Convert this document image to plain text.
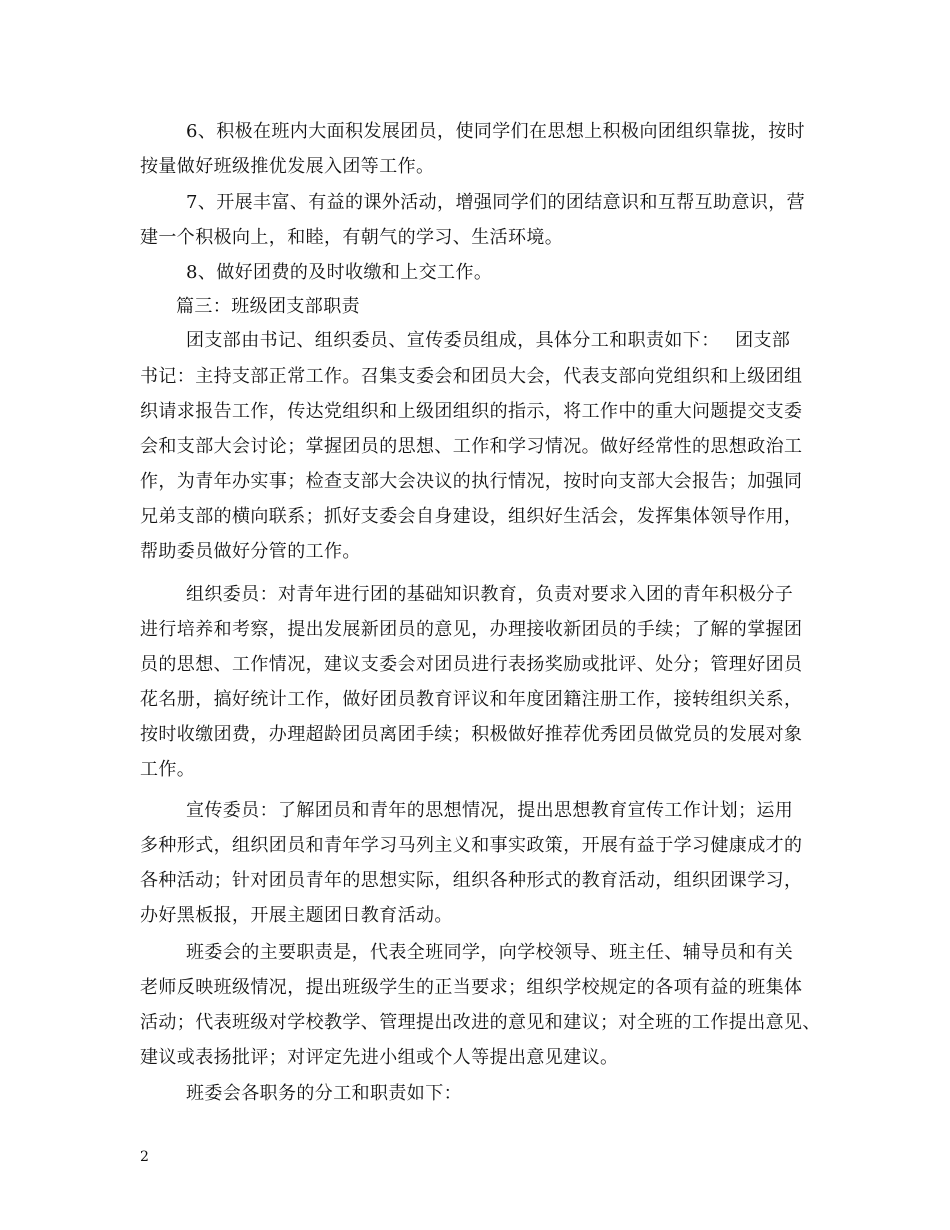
6、积极在班内大面积发展团员，使同学们在思想上积极向团组织靠拢，按时
按量做好班级推优发展入团等工作。
7、开展丰富、有益的课外活动，增强同学们的团结意识和互帮互助意识，营
建一个积极向上，和睦，有朝气的学习、生活环境。
8、做好团费的及时收缴和上交工作。
篇三：班级团支部职责
团支部由书记、组织委员、宣传委员组成，具体分工和职责如下：　 团支部
书记：主持支部正常工作。召集支委会和团员大会，代表支部向党组织和上级团组
织请求报告工作，传达党组织和上级团组织的指示，将工作中的重大问题提交支委
会和支部大会讨论；掌握团员的思想、工作和学习情况。做好经常性的思想政治工
作，为青年办实事；检查支部大会决议的执行情况，按时向支部大会报告；加强同
兄弟支部的横向联系；抓好支委会自身建设，组织好生活会，发挥集体领导作用，
帮助委员做好分管的工作。
组织委员：对青年进行团的基础知识教育，负责对要求入团的青年积极分子
进行培养和考察，提出发展新团员的意见，办理接收新团员的手续；了解的掌握团
员的思想、工作情况，建议支委会对团员进行表扬奖励或批评、处分；管理好团员
花名册，搞好统计工作，做好团员教育评议和年度团籍注册工作，接转组织关系，
按时收缴团费，办理超龄团员离团手续；积极做好推荐优秀团员做党员的发展对象
工作。
宣传委员：了解团员和青年的思想情况，提出思想教育宣传工作计划；运用
多种形式，组织团员和青年学习马列主义和事实政策，开展有益于学习健康成才的
各种活动；针对团员青年的思想实际，组织各种形式的教育活动，组织团课学习，
办好黑板报，开展主题团日教育活动。
班委会的主要职责是，代表全班同学，向学校领导、班主任、辅导员和有关
老师反映班级情况，提出班级学生的正当要求；组织学校规定的各项有益的班集体
活动；代表班级对学校教学、管理提出改进的意见和建议；对全班的工作提出意见、
建议或表扬批评；对评定先进小组或个人等提出意见建议。
班委会各职务的分工和职责如下：
2
